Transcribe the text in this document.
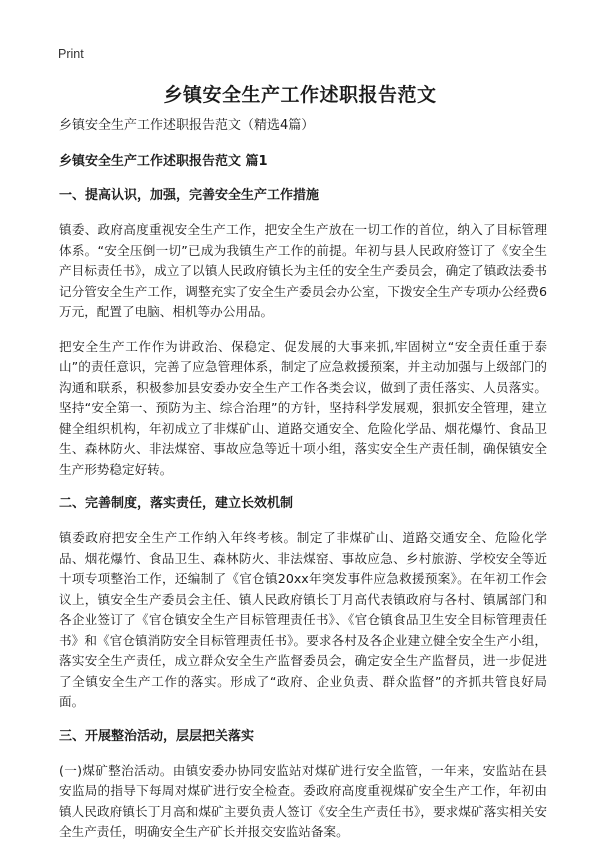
Print
乡镇安全生产工作述职报告范文

乡镇安全生产工作述职报告范文（精选4篇）

乡镇安全生产工作述职报告范文 篇1

一、提高认识，加强，完善安全生产工作措施

镇委、政府高度重视安全生产工作，把安全生产放在一切工作的首位，纳入了目标管理体系。“安全压倒一切”已成为我镇生产工作的前提。年初与县人民政府签订了《安全生产目标责任书》，成立了以镇人民政府镇长为主任的安全生产委员会，确定了镇政法委书记分管安全生产工作，调整充实了安全生产委员会办公室，下拨安全生产专项办公经费6万元，配置了电脑、相机等办公用品。

把安全生产工作作为讲政治、保稳定、促发展的大事来抓,牢固树立“安全责任重于泰山”的责任意识，完善了应急管理体系，制定了应急救援预案，并主动加强与上级部门的沟通和联系，积极参加县安委办安全生产工作各类会议，做到了责任落实、人员落实。坚持“安全第一、预防为主、综合治理”的方针，坚持科学发展观，狠抓安全管理，建立健全组织机构，年初成立了非煤矿山、道路交通安全、危险化学品、烟花爆竹、食品卫生、森林防火、非法煤窑、事故应急等近十项小组，落实安全生产责任制，确保镇安全生产形势稳定好转。

二、完善制度，落实责任，建立长效机制

镇委政府把安全生产工作纳入年终考核。制定了非煤矿山、道路交通安全、危险化学品、烟花爆竹、食品卫生、森林防火、非法煤窑、事故应急、乡村旅游、学校安全等近十项专项整治工作，还编制了《官仓镇20xx年突发事件应急救援预案》。在年初工作会议上，镇安全生产委员会主任、镇人民政府镇长丁月高代表镇政府与各村、镇属部门和各企业签订了《官仓镇安全生产目标管理责任书》、《官仓镇食品卫生安全目标管理责任书》和《官仓镇消防安全目标管理责任书》。要求各村及各企业建立健全安全生产小组，落实安全生产责任，成立群众安全生产监督委员会，确定安全生产监督员，进一步促进了全镇安全生产工作的落实。形成了“政府、企业负责、群众监督”的齐抓共管良好局面。

三、开展整治活动，层层把关落实

(一)煤矿整治活动。由镇安委办协同安监站对煤矿进行安全监管，一年来，安监站在县安监局的指导下每周对煤矿进行安全检查。委政府高度重视煤矿安全生产工作，年初由镇人民政府镇长丁月高和煤矿主要负责人签订《安全生产责任书》，要求煤矿落实相关安全生产责任，明确安全生产矿长并报交安监站备案。
